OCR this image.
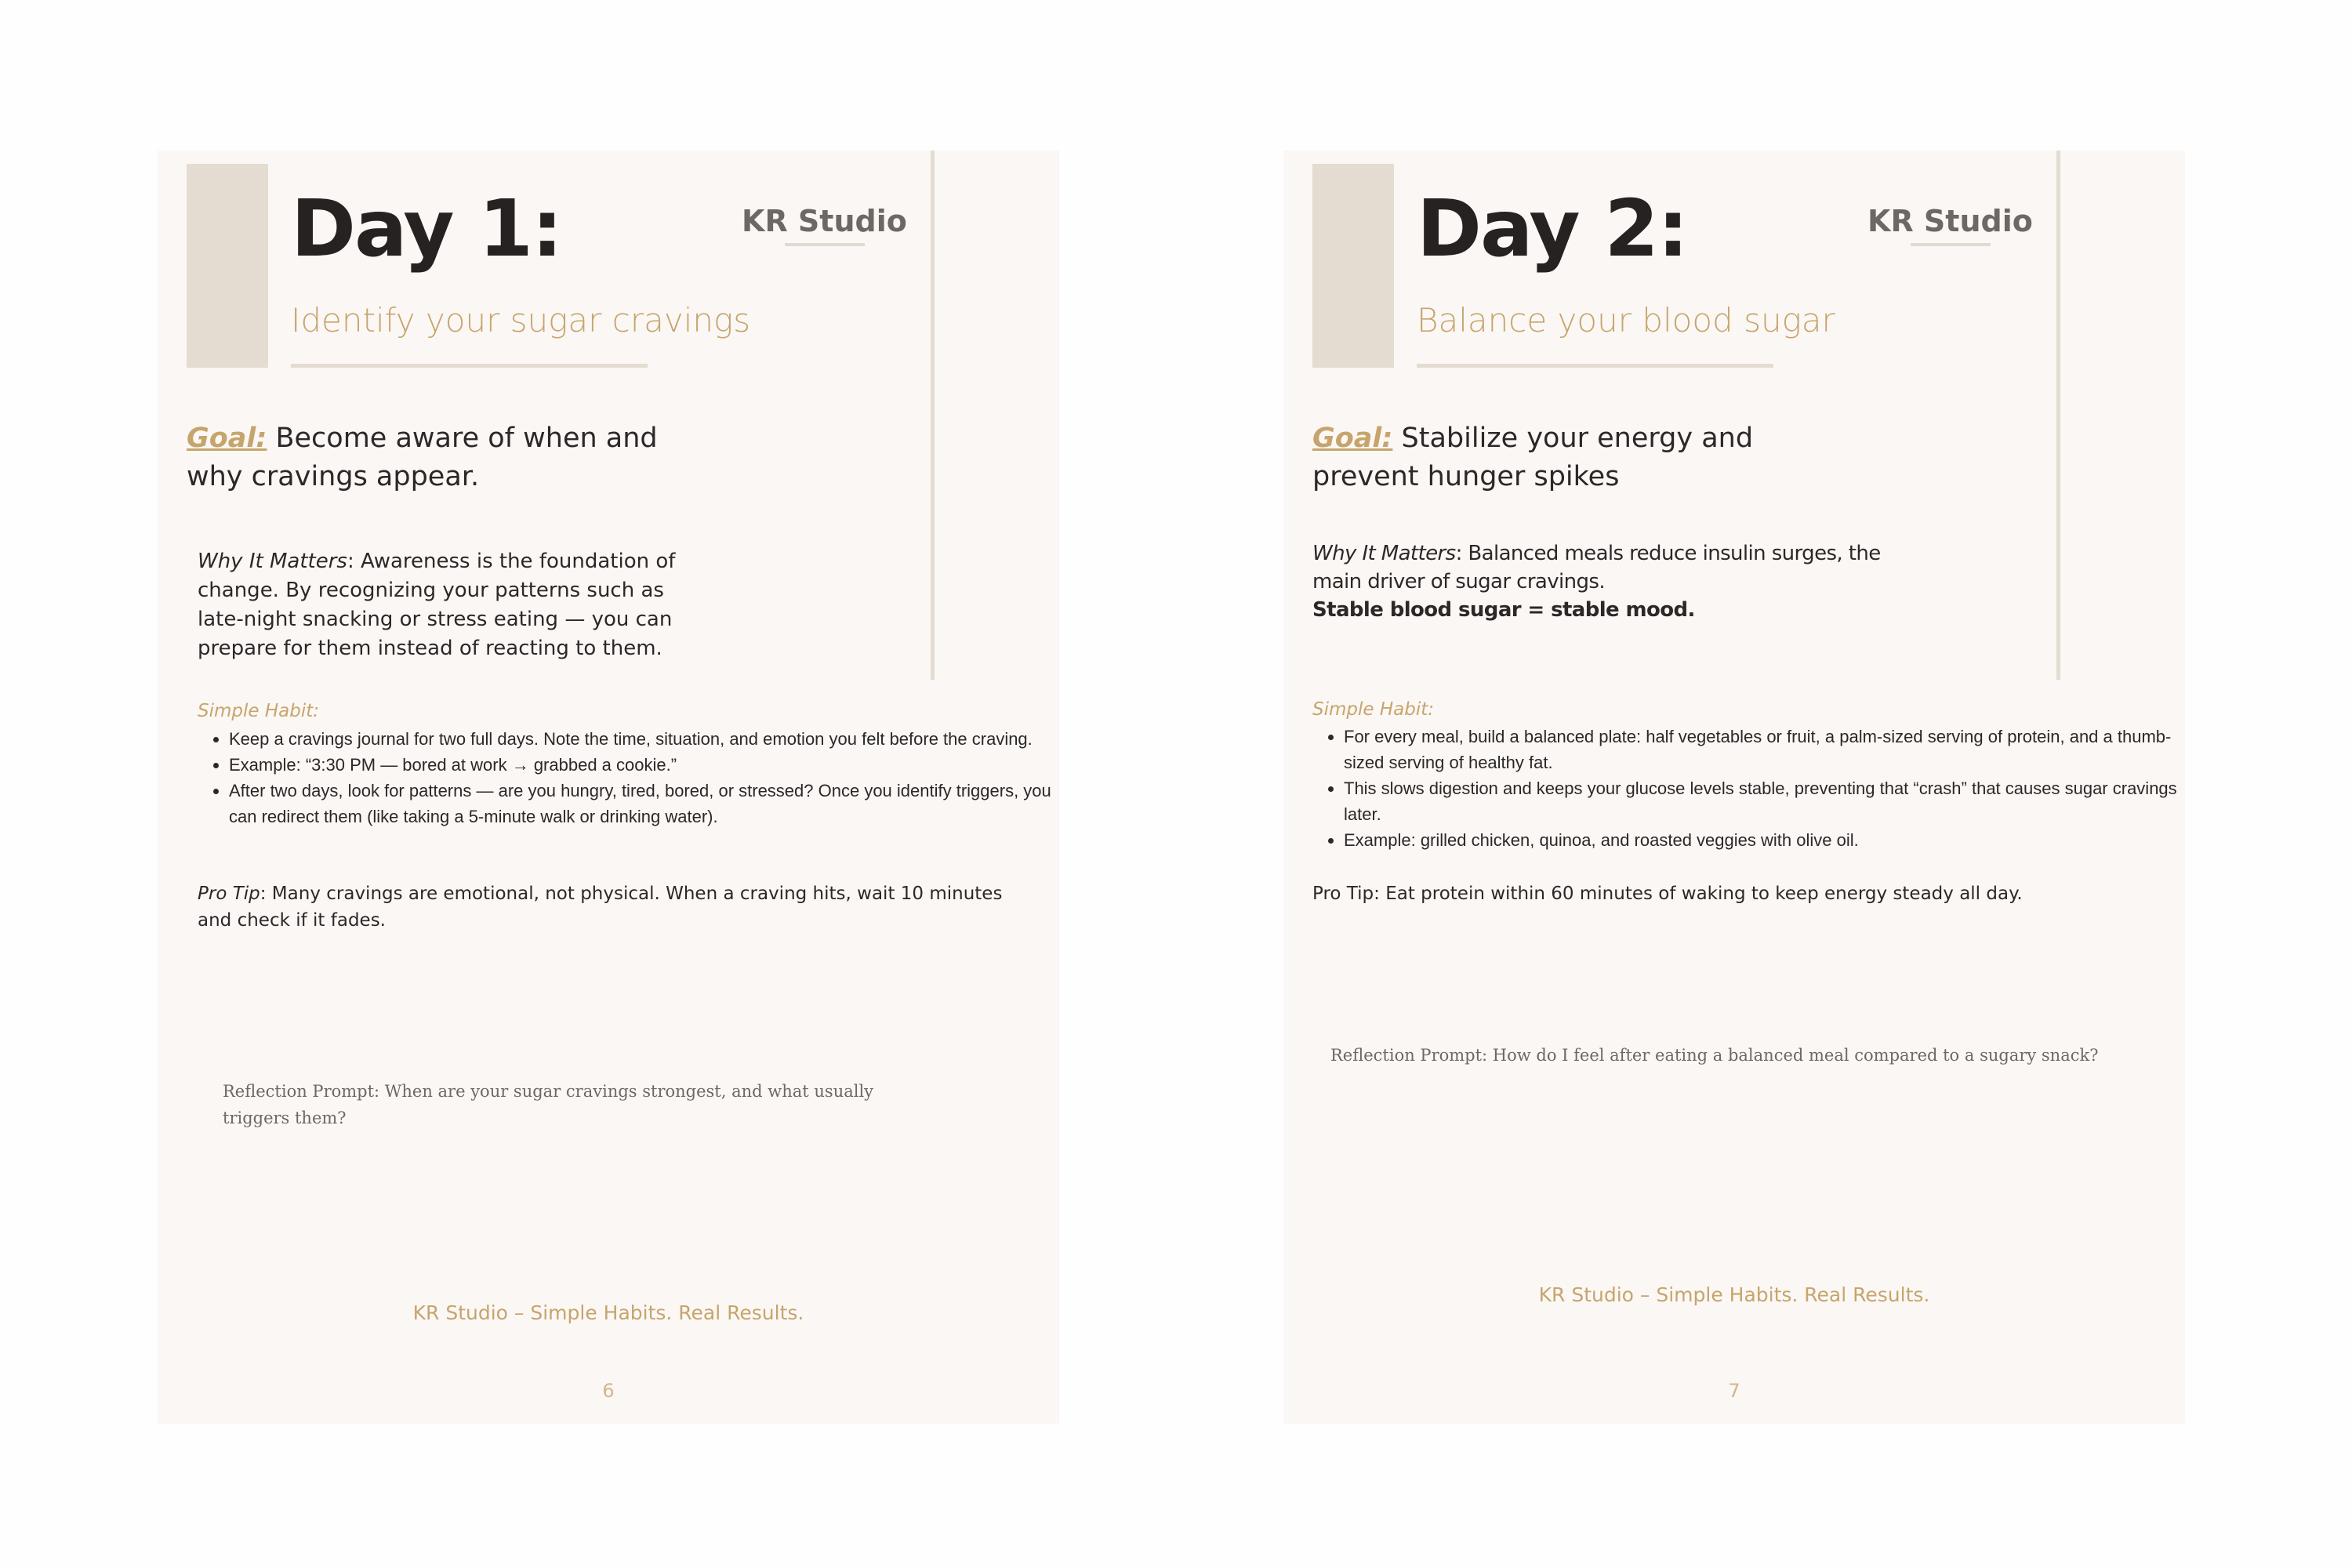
Day 1:	KR Studio
Identify your sugar cravings
Goal: Become aware of when and why cravings appear.
Why It Matters: Awareness is the foundation of change. By recognizing your patterns such as late-night snacking or stress eating — you can prepare for them instead of reacting to them.
Simple Habit:
• Keep a cravings journal for two full days. Note the time, situation, and emotion you felt before the craving.
• Example: “3:30 PM — bored at work → grabbed a cookie.”
• After two days, look for patterns — are you hungry, tired, bored, or stressed? Once you identify triggers, you can redirect them (like taking a 5-minute walk or drinking water).
Pro Tip: Many cravings are emotional, not physical. When a craving hits, wait 10 minutes and check if it fades.
Reflection Prompt: When are your sugar cravings strongest, and what usually triggers them?
KR Studio – Simple Habits. Real Results.
6
Day 2:	KR Studio
Balance your blood sugar
Goal: Stabilize your energy and prevent hunger spikes
Why It Matters: Balanced meals reduce insulin surges, the main driver of sugar cravings.
Stable blood sugar = stable mood.
Simple Habit:
• For every meal, build a balanced plate: half vegetables or fruit, a palm-sized serving of protein, and a thumb- sized serving of healthy fat.
• This slows digestion and keeps your glucose levels stable, preventing that “crash” that causes sugar cravings later.
• Example: grilled chicken, quinoa, and roasted veggies with olive oil.
Pro Tip: Eat protein within 60 minutes of waking to keep energy steady all day.
Reflection Prompt: How do I feel after eating a balanced meal compared to a sugary snack?
KR Studio – Simple Habits. Real Results.
7
